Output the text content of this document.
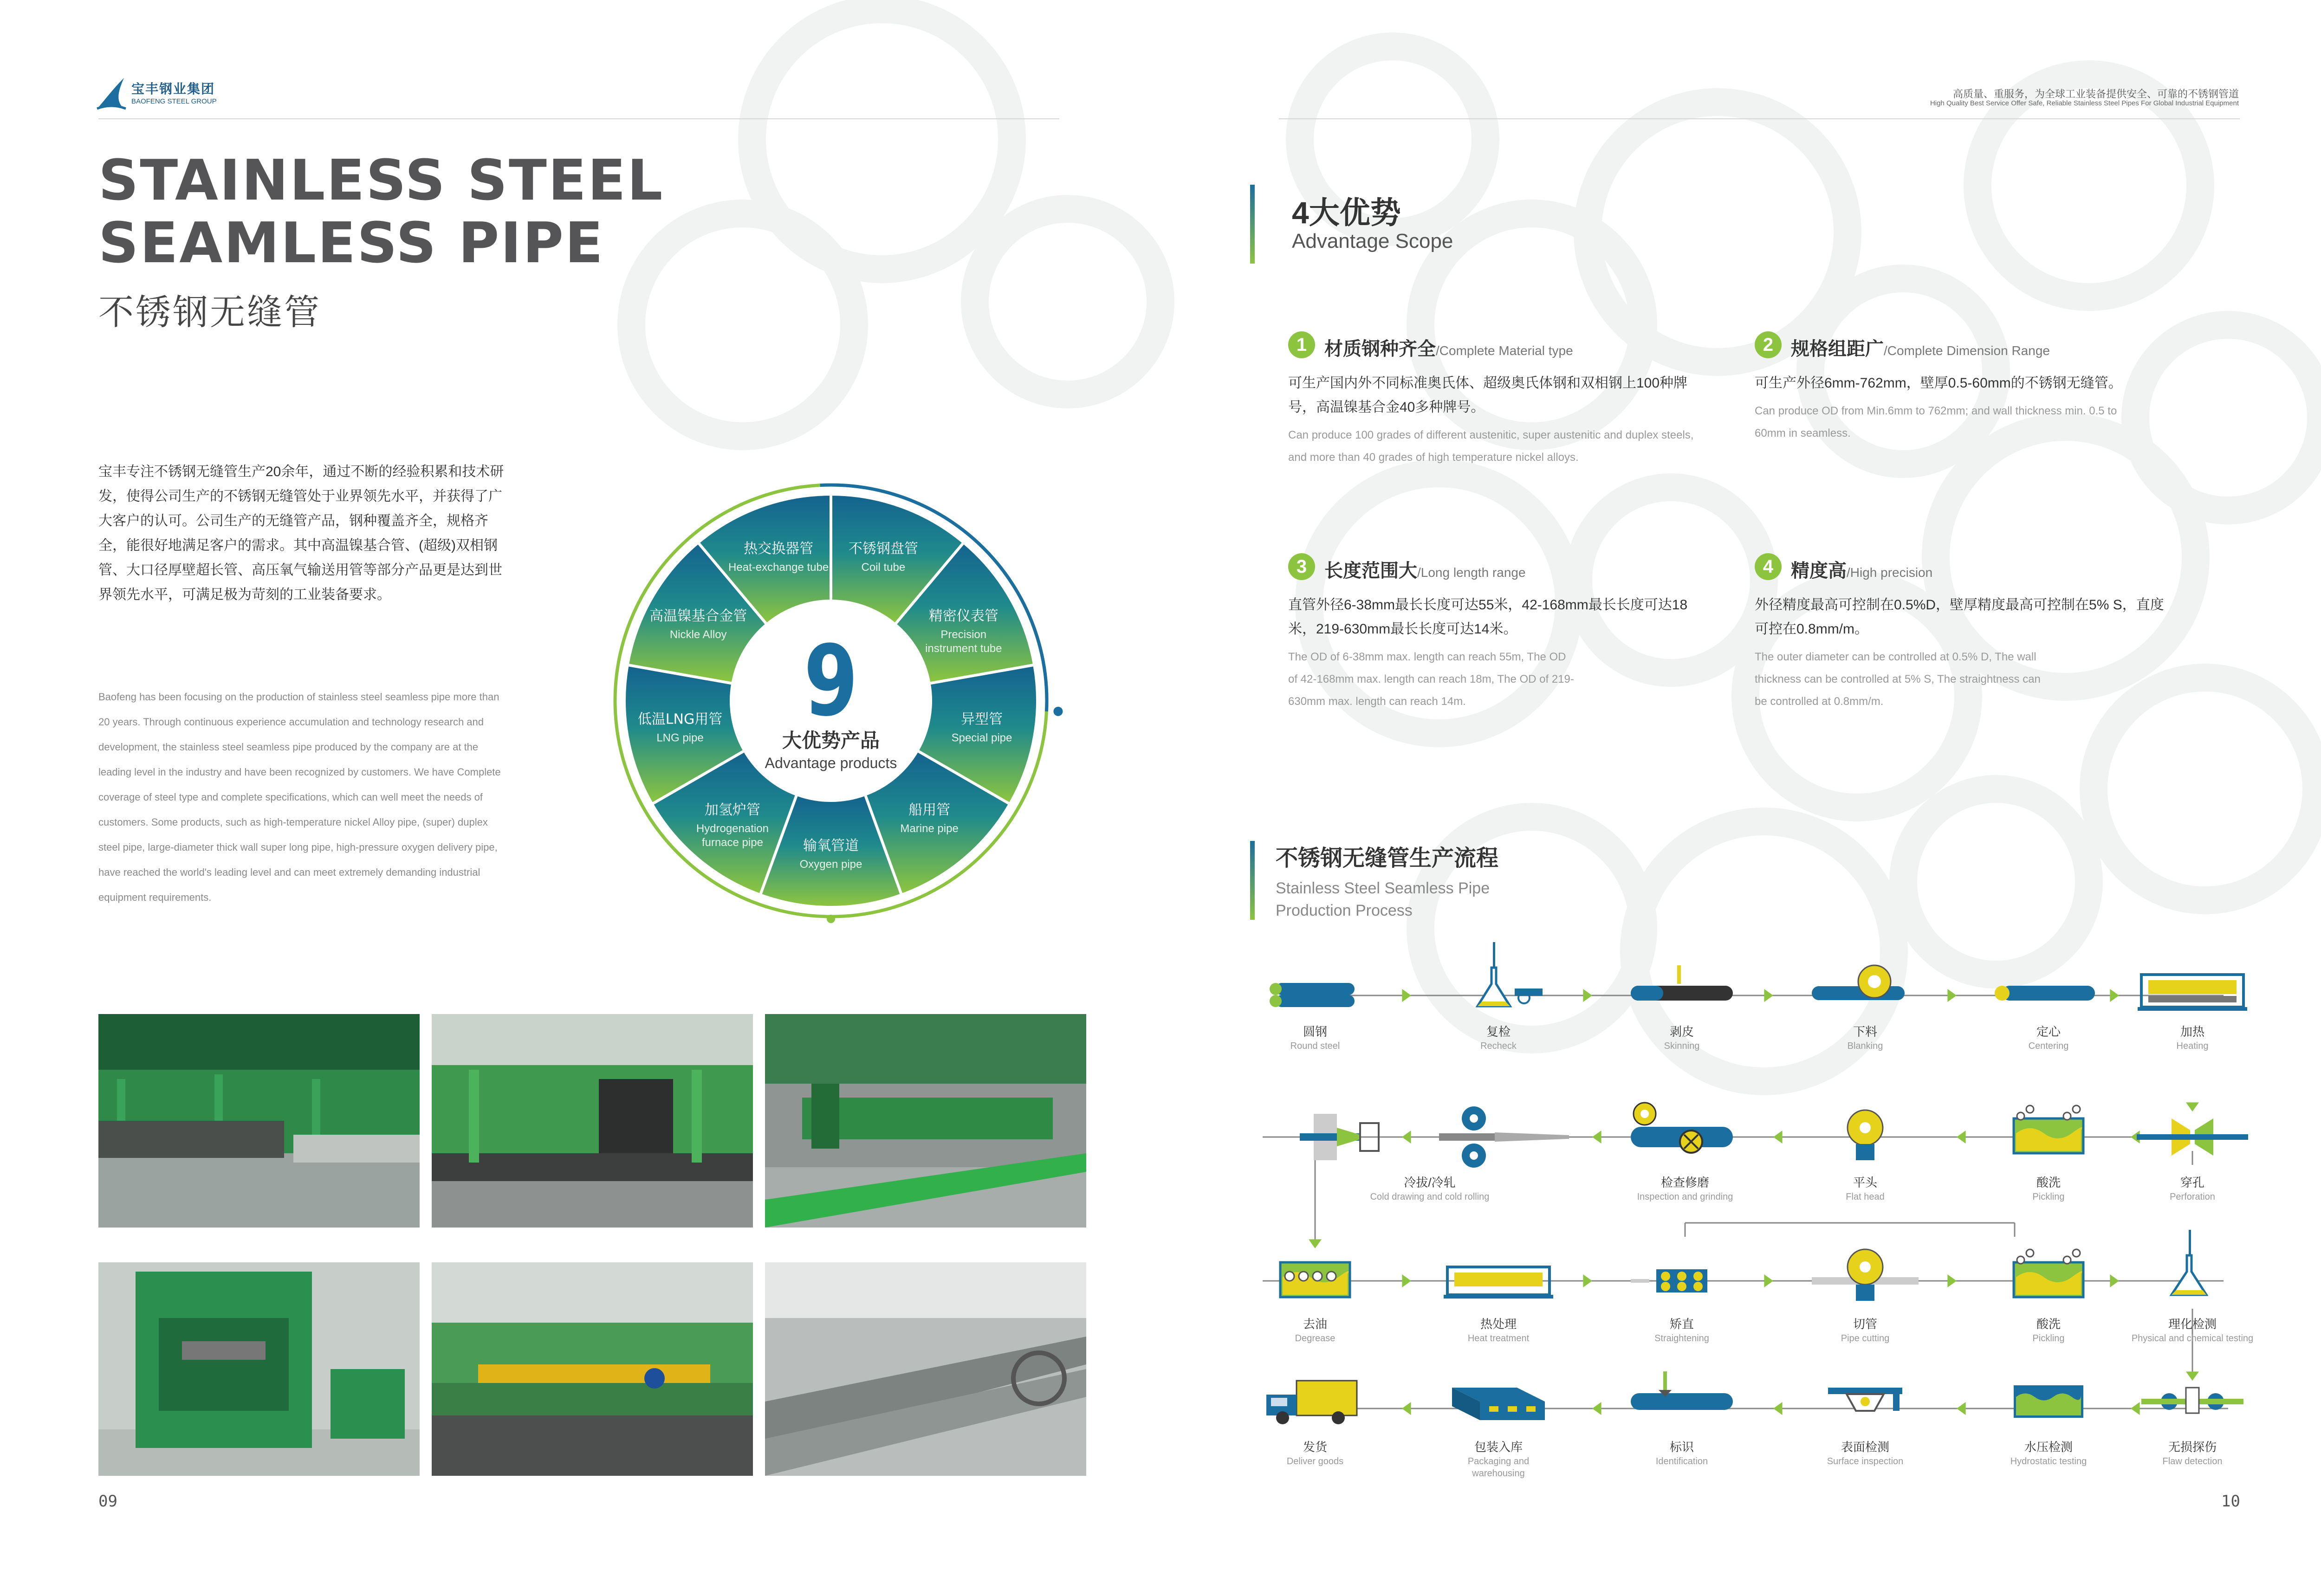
宝丰钢业集团
BAOFENG STEEL GROUP
高质量、重服务，为全球工业装备提供安全、可靠的不锈钢管道
High Quality Best Service Offer Safe, Reliable Stainless Steel Pipes For Global Industrial Equipment
STAINLESS STEEL
SEAMLESS PIPE
不锈钢无缝管
宝丰专注不锈钢无缝管生产20余年，通过不断的经验积累和技术研发，使得公司生产的不锈钢无缝管处于业界领先水平，并获得了广大客户的认可。公司生产的无缝管产品，钢种覆盖齐全，规格齐全，能很好地满足客户的需求。其中高温镍基合管、(超级)双相钢管、大口径厚壁超长管、高压氧气输送用管等部分产品更是达到世界领先水平，可满足极为苛刻的工业装备要求。
Baofeng has been focusing on the production of stainless steel seamless pipe more than 20 years. Through continuous experience accumulation and technology research and development, the stainless steel seamless pipe produced by the company are at the leading level in the industry and have been recognized by customers. We have Complete coverage of steel type and complete specifications, which can well meet the needs of customers. Some products, such as high-temperature nickel Alloy pipe, (super) duplex steel pipe, large-diameter thick wall super long pipe, high-pressure oxygen delivery pipe, have reached the world's leading level and can meet extremely demanding industrial equipment requirements.
不锈钢盘管
Coil tube
精密仪表管
Precision
instrument tube
异型管
Special pipe
船用管
Marine pipe
输氧管道
Oxygen pipe
加氢炉管
Hydrogenation
furnace pipe
低温LNG用管
LNG pipe
高温镍基合金管
Nickle Alloy
热交换器管
Heat-exchange tube
9
大优势产品
Advantage products
09	10
4大优势
Advantage Scope
1 材质钢种齐全/Complete Material type
可生产国内外不同标准奥氏体、超级奥氏体钢和双相钢上100种牌号，高温镍基合金40多种牌号。
Can produce 100 grades of different austenitic, super austenitic and duplex steels, and more than 40 grades of high temperature nickel alloys.
2 规格组距广/Complete Dimension Range
可生产外径6mm-762mm，壁厚0.5-60mm的不锈钢无缝管。
Can produce OD from Min.6mm to 762mm; and wall thickness min. 0.5 to 60mm in seamless.
3 长度范围大/Long length range
直管外径6-38mm最长长度可达55米，42-168mm最长长度可达18米，219-630mm最长长度可达14米。
The OD of 6-38mm max. length can reach 55m, The OD of 42-168mm max. length can reach 18m, The OD of 219-630mm max. length can reach 14m.
4 精度高/High precision
外径精度最高可控制在0.5%D，壁厚精度最高可控制在5% S，直度可控在0.8mm/m。
The outer diameter can be controlled at 0.5% D, The wall thickness can be controlled at 5% S, The straightness can be controlled at 0.8mm/m.
不锈钢无缝管生产流程
Stainless Steel Seamless Pipe
Production Process
圆钢
Round steel
复检
Recheck
剥皮
Skinning
下料
Blanking
定心
Centering
加热
Heating
穿孔
Perforation
酸洗
Pickling
平头
Flat head
检查修磨
Inspection and grinding
冷拔/冷轧
Cold drawing and cold rolling
去油
Degrease
热处理
Heat treatment
矫直
Straightening
切管
Pipe cutting
酸洗
Pickling
理化检测
Physical and chemical testing
无损探伤
Flaw detection
水压检测
Hydrostatic testing
表面检测
Surface inspection
标识
Identification
包装入库
Packaging and warehousing
发货
Deliver goods
